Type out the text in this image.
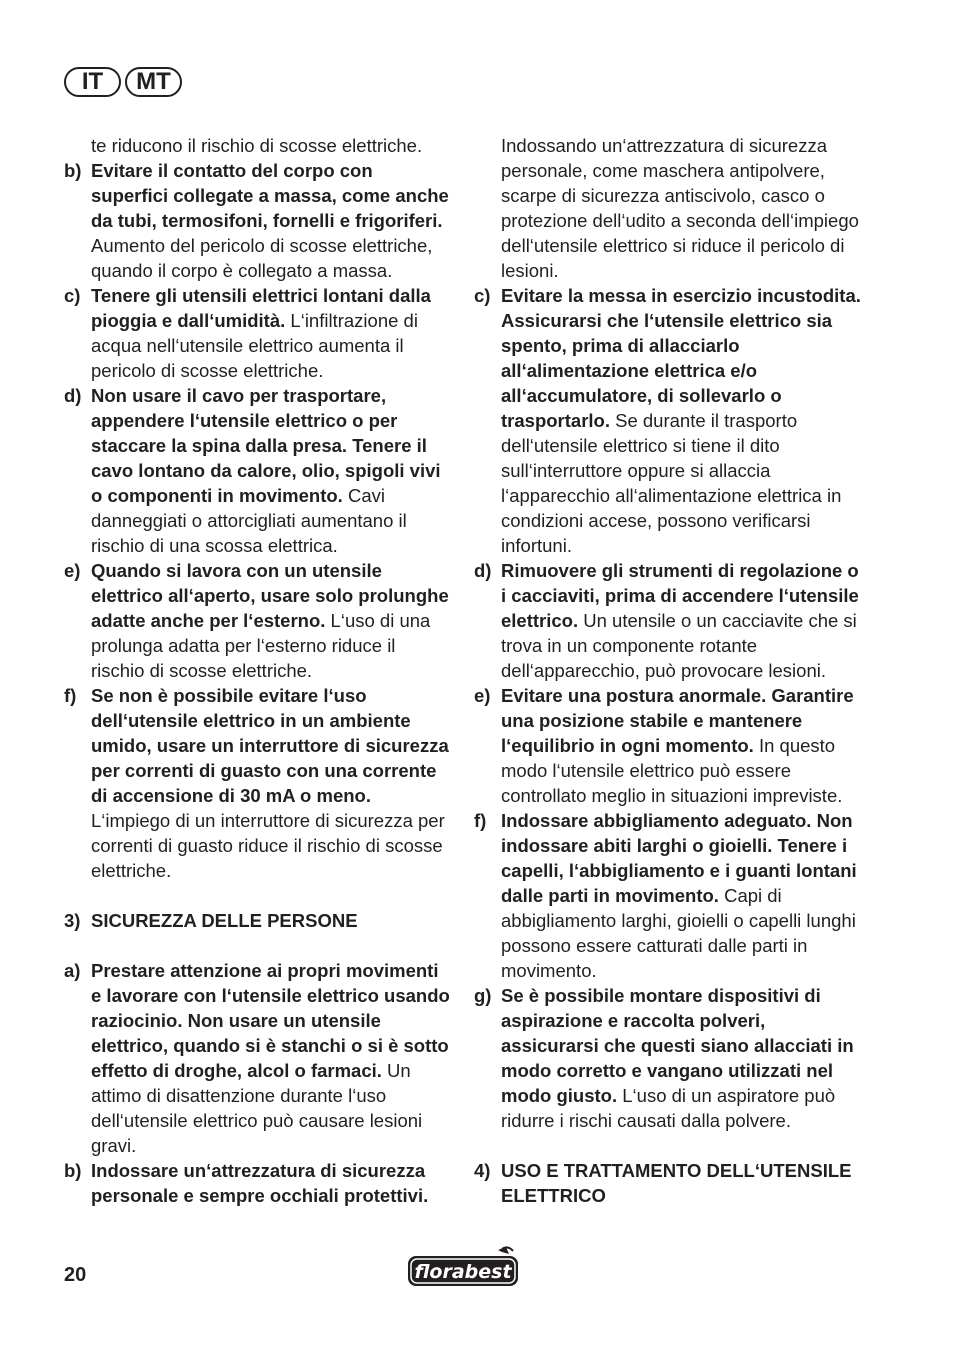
IT	MT
te riducono il rischio di scosse elettriche.
b) Evitare il contatto del corpo con superfici collegate a massa, come anche da tubi, termosifoni, fornelli e frigoriferi. Aumento del pericolo di scosse elettriche, quando il corpo è collegato a massa.
c) Tenere gli utensili elettrici lontani dalla pioggia e dall‘umidità. L‘infiltrazione di acqua nell‘utensile elettrico aumenta il pericolo di scosse elettriche.
d) Non usare il cavo per trasportare, appendere l‘utensile elettrico o per staccare la spina dalla presa. Tenere il cavo lontano da calore, olio, spigoli vivi o componenti in movimento. Cavi danneggiati o attorcigliati aumentano il rischio di una scossa elettrica.
e) Quando si lavora con un utensile elettrico all‘aperto, usare solo prolunghe adatte anche per l‘esterno. L‘uso di una prolunga adatta per l‘esterno riduce il rischio di scosse elettriche.
f) Se non è possibile evitare l‘uso dell‘utensile elettrico in un ambiente umido, usare un interruttore di sicurezza per correnti di guasto con una corrente di accensione di 30 mA o meno. L‘impiego di un interruttore di sicurezza per correnti di guasto riduce il rischio di scosse elettriche.
3) SICUREZZA DELLE PERSONE
a) Prestare attenzione ai propri movimenti e lavorare con l‘utensile elettrico usando raziocinio. Non usare un utensile elettrico, quando si è stanchi o si è sotto effetto di droghe, alcol o farmaci. Un attimo di disattenzione durante l‘uso dell‘utensile elettrico può causare lesioni gravi.
b) Indossare un‘attrezzatura di sicurezza personale e sempre occhiali protettivi.
Indossando un‘attrezzatura di sicurezza personale, come maschera antipolvere, scarpe di sicurezza antiscivolo, casco o protezione dell‘udito a seconda dell‘impiego dell‘utensile elettrico si riduce il pericolo di lesioni.
c) Evitare la messa in esercizio incustodita. Assicurarsi che l‘utensile elettrico sia spento, prima di allacciarlo all‘alimentazione elettrica e/o all‘accumulatore, di sollevarlo o trasportarlo. Se durante il trasporto dell‘utensile elettrico si tiene il dito sull‘interruttore oppure si allaccia l‘apparecchio all‘alimentazione elettrica in condizioni accese, possono verificarsi infortuni.
d) Rimuovere gli strumenti di regolazione o i cacciaviti, prima di accendere l‘utensile elettrico. Un utensile o un cacciavite che si trova in un componente rotante dell‘apparecchio, può provocare lesioni.
e) Evitare una postura anormale. Garantire una posizione stabile e mantenere l‘equilibrio in ogni momento. In questo modo l‘utensile elettrico può essere controllato meglio in situazioni impreviste.
f) Indossare abbigliamento adeguato. Non indossare abiti larghi o gioielli. Tenere i capelli, l‘abbigliamento e i guanti lontani dalle parti in movimento. Capi di abbigliamento larghi, gioielli o capelli lunghi possono essere catturati dalle parti in movimento.
g) Se è possibile montare dispositivi di aspirazione e raccolta polveri, assicurarsi che questi siano allacciati in modo corretto e vangano utilizzati nel modo giusto. L‘uso di un aspiratore può ridurre i rischi causati dalla polvere.
4) USO E TRATTAMENTO DELL‘UTENSILE ELETTRICO
20	florabest
